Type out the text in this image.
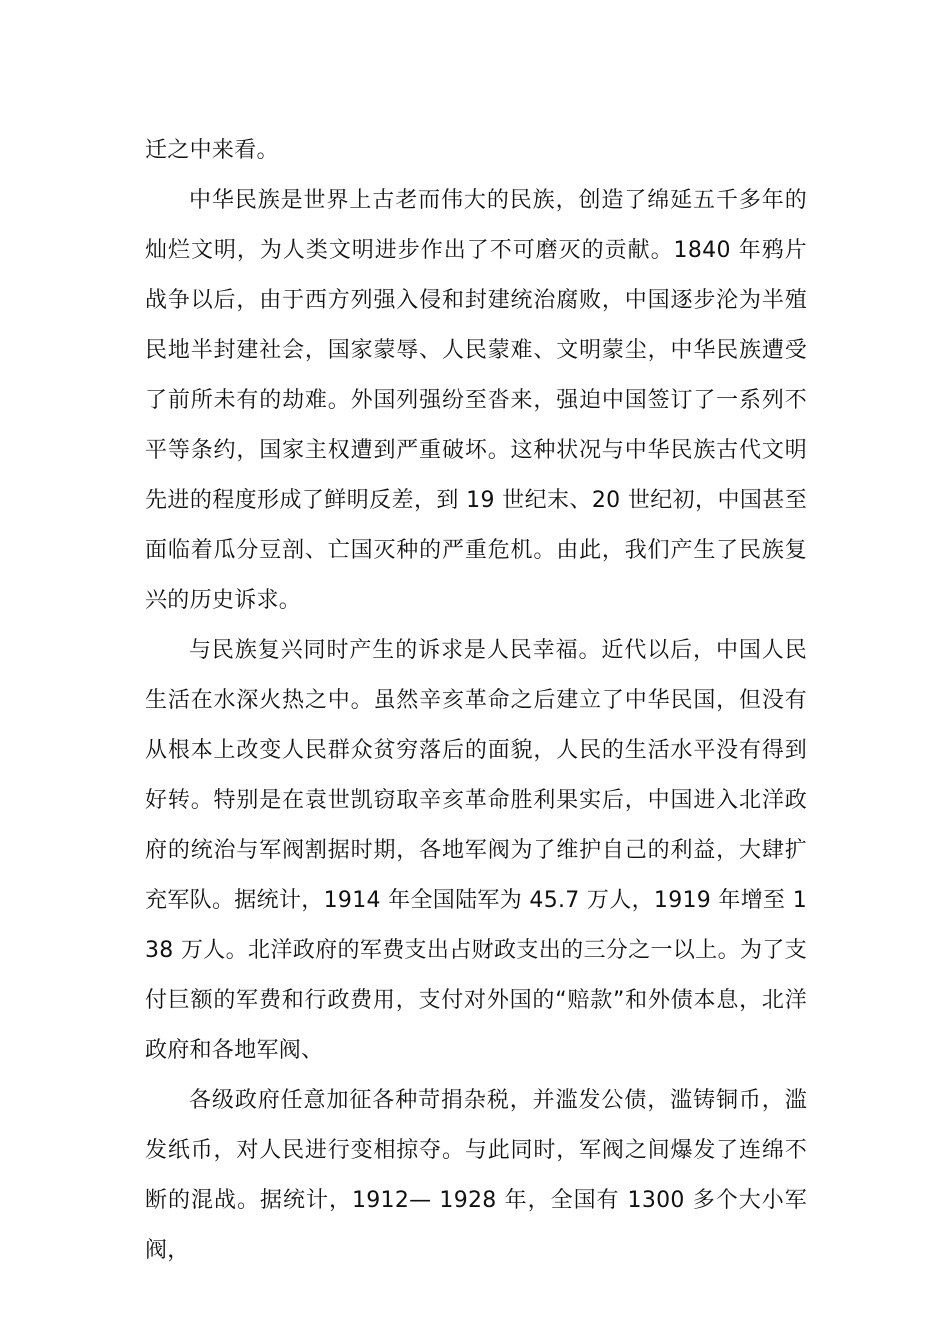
迁之中来看。

中华民族是世界上古老而伟大的民族，创造了绵延五千多年的灿烂文明，为人类文明进步作出了不可磨灭的贡献。1840 年鸦片战争以后，由于西方列强入侵和封建统治腐败，中国逐步沦为半殖民地半封建社会，国家蒙辱、人民蒙难、文明蒙尘，中华民族遭受了前所未有的劫难。外国列强纷至沓来，强迫中国签订了一系列不平等条约，国家主权遭到严重破坏。这种状况与中华民族古代文明先进的程度形成了鲜明反差，到 19 世纪末、20 世纪初，中国甚至面临着瓜分豆剖、亡国灭种的严重危机。由此，我们产生了民族复兴的历史诉求。

与民族复兴同时产生的诉求是人民幸福。近代以后，中国人民生活在水深火热之中。虽然辛亥革命之后建立了中华民国，但没有从根本上改变人民群众贫穷落后的面貌，人民的生活水平没有得到好转。特别是在袁世凯窃取辛亥革命胜利果实后，中国进入北洋政府的统治与军阀割据时期，各地军阀为了维护自己的利益，大肆扩充军队。据统计，1914 年全国陆军为 45.7 万人，1919 年增至 138 万人。北洋政府的军费支出占财政支出的三分之一以上。为了支付巨额的军费和行政费用，支付对外国的“赔款”和外债本息，北洋政府和各地军阀、

各级政府任意加征各种苛捐杂税，并滥发公债，滥铸铜币，滥发纸币，对人民进行变相掠夺。与此同时，军阀之间爆发了连绵不断的混战。据统计，1912— 1928 年，全国有 1300 多个大小军阀，
